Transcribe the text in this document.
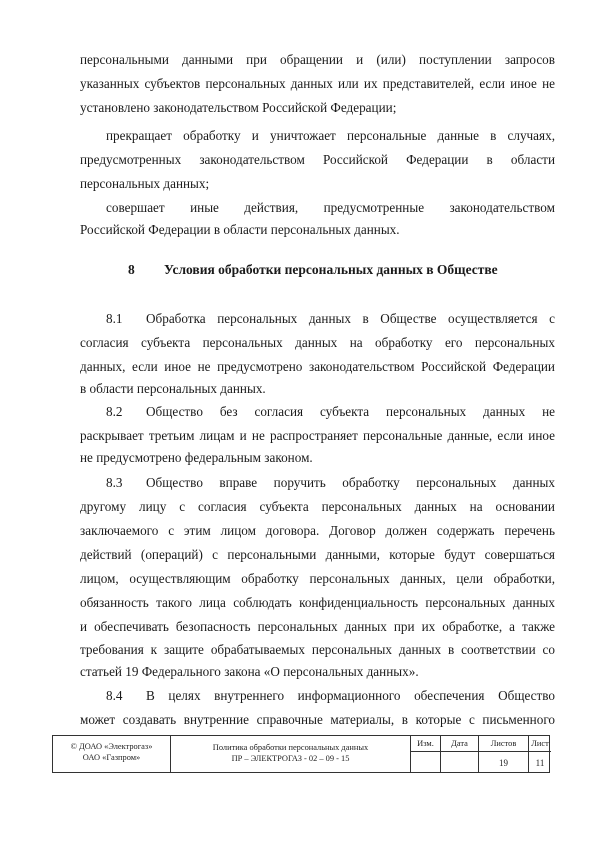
персональными данными при обращении и (или) поступлении запросов
указанных субъектов персональных данных или их представителей, если иное не
установлено законодательством Российской Федерации;
прекращает обработку и уничтожает персональные данные в случаях,
предусмотренных законодательством Российской Федерации в области
персональных данных;
совершает иные действия, предусмотренные законодательством
Российской Федерации в области персональных данных.
8 Условия обработки персональных данных в Обществе
8.1 Обработка персональных данных в Обществе осуществляется с
согласия субъекта персональных данных на обработку его персональных
данных, если иное не предусмотрено законодательством Российской Федерации
в области персональных данных.
8.2 Общество без согласия субъекта персональных данных не
раскрывает третьим лицам и не распространяет персональные данные, если иное
не предусмотрено федеральным законом.
8.3 Общество вправе поручить обработку персональных данных
другому лицу с согласия субъекта персональных данных на основании
заключаемого с этим лицом договора. Договор должен содержать перечень
действий (операций) с персональными данными, которые будут совершаться
лицом, осуществляющим обработку персональных данных, цели обработки,
обязанность такого лица соблюдать конфиденциальность персональных данных
и обеспечивать безопасность персональных данных при их обработке, а также
требования к защите обрабатываемых персональных данных в соответствии со
статьей 19 Федерального закона «О персональных данных».
8.4 В целях внутреннего информационного обеспечения Общество
может создавать внутренние справочные материалы, в которые с письменного
© ДОАО «Электрогаз»
ОАО «Газпром»
Политика обработки персональных данных
ПР – ЭЛЕКТРОГАЗ - 02 – 09 - 15
Изм.	Дата	Листов
19
Лист
11
